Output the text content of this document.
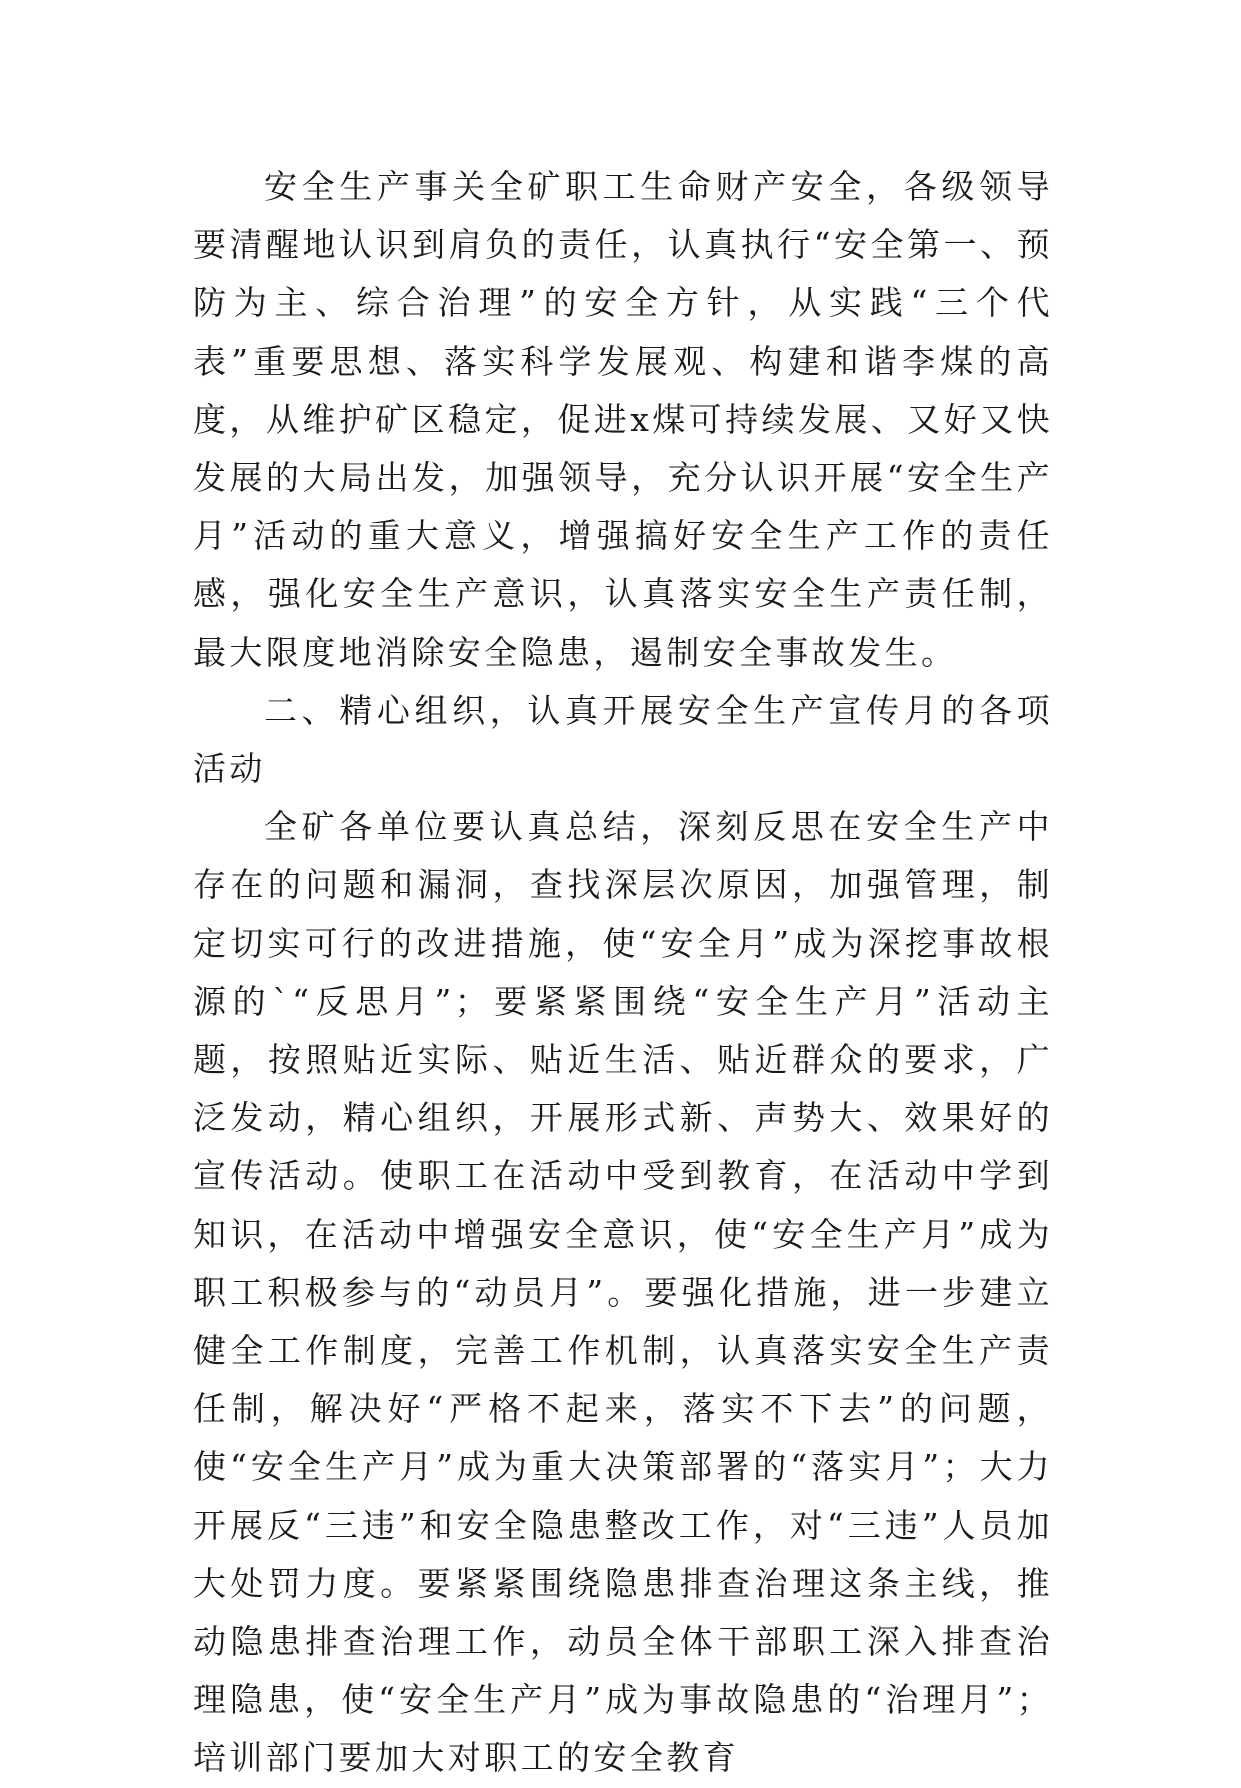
安全生产事关全矿职工生命财产安全，各级领导要清醒地认识到肩负的责任，认真执行“安全第一、预防为主、综合治理”的安全方针，从实践“三个代表”重要思想、落实科学发展观、构建和谐李煤的高度，从维护矿区稳定，促进x煤可持续发展、又好又快发展的大局出发，加强领导，充分认识开展“安全生产月”活动的重大意义，增强搞好安全生产工作的责任感，强化安全生产意识，认真落实安全生产责任制，最大限度地消除安全隐患，遏制安全事故发生。

二、精心组织，认真开展安全生产宣传月的各项活动

全矿各单位要认真总结，深刻反思在安全生产中存在的问题和漏洞，查找深层次原因，加强管理，制定切实可行的改进措施，使“安全月”成为深挖事故根源的`“反思月”；要紧紧围绕“安全生产月”活动主题，按照贴近实际、贴近生活、贴近群众的要求，广泛发动，精心组织，开展形式新、声势大、效果好的宣传活动。使职工在活动中受到教育，在活动中学到知识，在活动中增强安全意识，使“安全生产月”成为职工积极参与的“动员月”。要强化措施，进一步建立健全工作制度，完善工作机制，认真落实安全生产责任制，解决好“严格不起来，落实不下去”的问题，使“安全生产月”成为重大决策部署的“落实月”；大力开展反“三违”和安全隐患整改工作，对“三违”人员加大处罚力度。要紧紧围绕隐患排查治理这条主线，推动隐患排查治理工作，动员全体干部职工深入排查治理隐患，使“安全生产月”成为事故隐患的“治理月”；培训部门要加大对职工的安全教育
